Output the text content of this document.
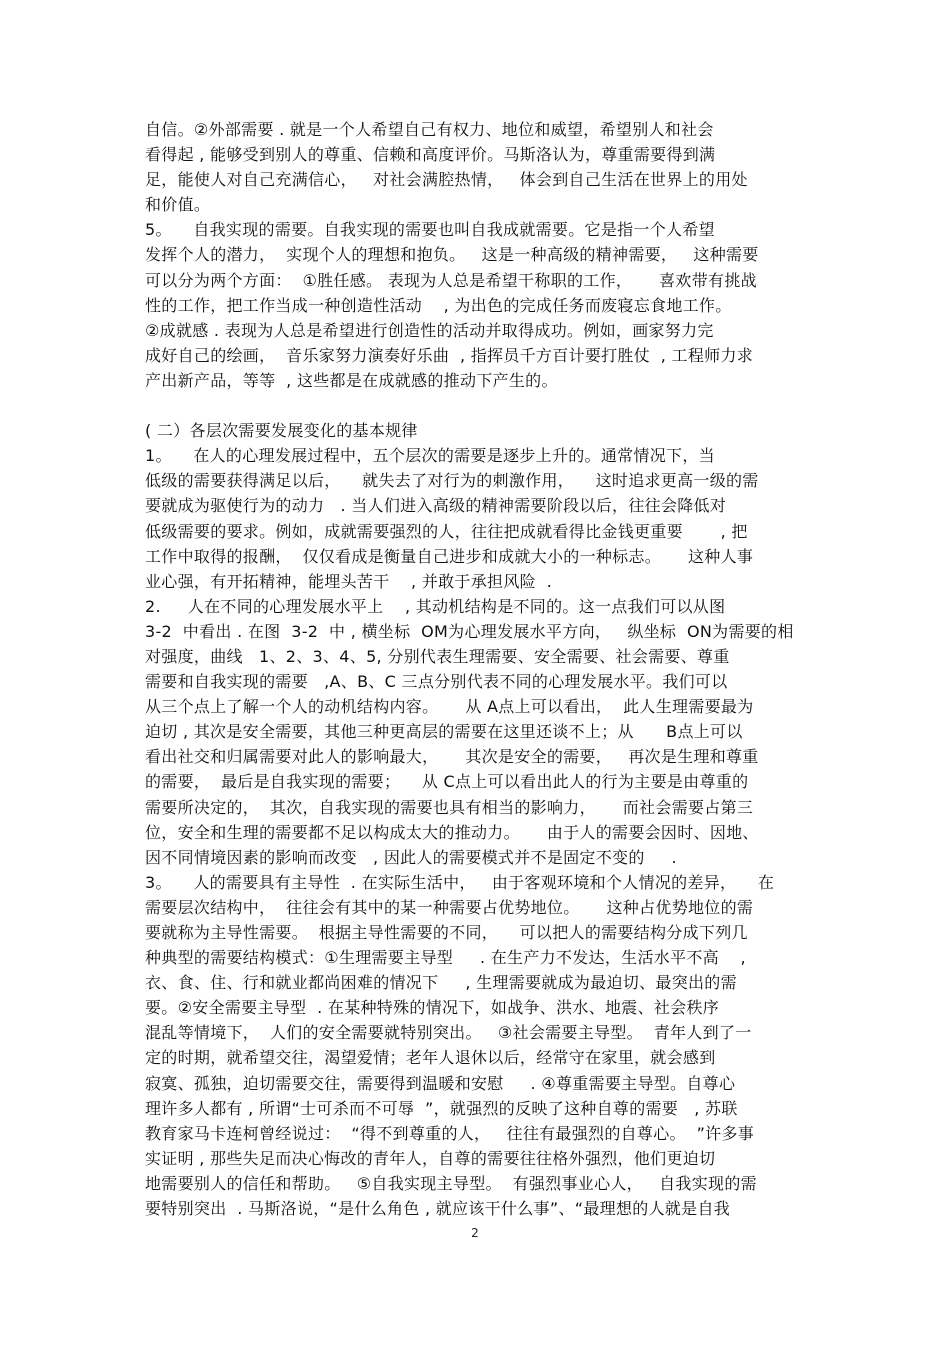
自信。②外部需要 . 就是一个人希望自己有权力、地位和威望，希望别人和社会
看得起 , 能够受到别人的尊重、信赖和高度评价。马斯洛认为，尊重需要得到满
足，能使人对自己充满信心，   对社会满腔热情，   体会到自己生活在世界上的用处
和价值。
5。    自我实现的需要。自我实现的需要也叫自我成就需要。它是指一个人希望
发挥个人的潜力，  实现个人的理想和抱负。   这是一种高级的精神需要，   这种需要
可以分为两个方面：  ①胜任感。 表现为人总是希望干称职的工作，     喜欢带有挑战
性的工作，把工作当成一种创造性活动    , 为出色的完成任务而废寝忘食地工作。
②成就感 . 表现为人总是希望进行创造性的活动并取得成功。例如，画家努力完
成好自己的绘画，  音乐家努力演奏好乐曲  , 指挥员千方百计要打胜仗  , 工程师力求
产出新产品，等等  , 这些都是在成就感的推动下产生的。
( 二）各层次需要发展变化的基本规律
1。    在人的心理发展过程中，五个层次的需要是逐步上升的。通常情况下，当
低级的需要获得满足以后，    就失去了对行为的刺激作用，    这时追求更高一级的需
要就成为驱使行为的动力   . 当人们进入高级的精神需要阶段以后，往往会降低对
低级需要的要求。例如，成就需要强烈的人，往往把成就看得比金钱更重要       , 把
工作中取得的报酬，  仅仅看成是衡量自己进步和成就大小的一种标志。     这种人事
业心强，有开拓精神，能埋头苦干    , 并敢于承担风险  .
2.     人在不同的心理发展水平上    , 其动机结构是不同的。这一点我们可以从图
3-2  中看出 . 在图  3-2  中 , 横坐标  OM为心理发展水平方向，   纵坐标  ON为需要的相
对强度，曲线   1、2、3、4、5, 分别代表生理需要、安全需要、社会需要、尊重
需要和自我实现的需要   ,A、B、C 三点分别代表不同的心理发展水平。我们可以
从三个点上了解一个人的动机结构内容。     从 A点上可以看出，  此人生理需要最为
迫切 , 其次是安全需要，其他三种更高层的需要在这里还谈不上；从      B点上可以
看出社交和归属需要对此人的影响最大，     其次是安全的需要，   再次是生理和尊重
的需要，  最后是自我实现的需要；    从 C点上可以看出此人的行为主要是由尊重的
需要所决定的，  其次，自我实现的需要也具有相当的影响力，     而社会需要占第三
位，安全和生理的需要都不足以构成太大的推动力。     由于人的需要会因时、因地、
因不同情境因素的影响而改变   , 因此人的需要模式并不是固定不变的     .
3。    人的需要具有主导性  . 在实际生活中，   由于客观环境和个人情况的差异，    在
需要层次结构中，  往往会有其中的某一种需要占优势地位。     这种占优势地位的需
要就称为主导性需要。  根据主导性需要的不同，    可以把人的需要结构分成下列几
种典型的需要结构模式：①生理需要主导型     . 在生产力不发达，生活水平不高    ,
衣、食、住、行和就业都尚困难的情况下     , 生理需要就成为最迫切、最突出的需
要。②安全需要主导型  . 在某种特殊的情况下，如战争、洪水、地震、社会秩序
混乱等情境下，  人们的安全需要就特别突出。   ③社会需要主导型。  青年人到了一
定的时期，就希望交往，渴望爱情；老年人退休以后，经常守在家里，就会感到
寂寞、孤独，迫切需要交往，需要得到温暖和安慰     . ④尊重需要主导型。自尊心
理许多人都有 , 所谓“士可杀而不可辱  ”，就强烈的反映了这种自尊的需要   , 苏联
教育家马卡连柯曾经说过：  “得不到尊重的人，   往往有最强烈的自尊心。  ”许多事
实证明 , 那些失足而决心悔改的青年人，自尊的需要往往格外强烈，他们更迫切
地需要别人的信任和帮助。   ⑤自我实现主导型。  有强烈事业心人，   自我实现的需
要特别突出  . 马斯洛说，“是什么角色 , 就应该干什么事”、“最理想的人就是自我
2
